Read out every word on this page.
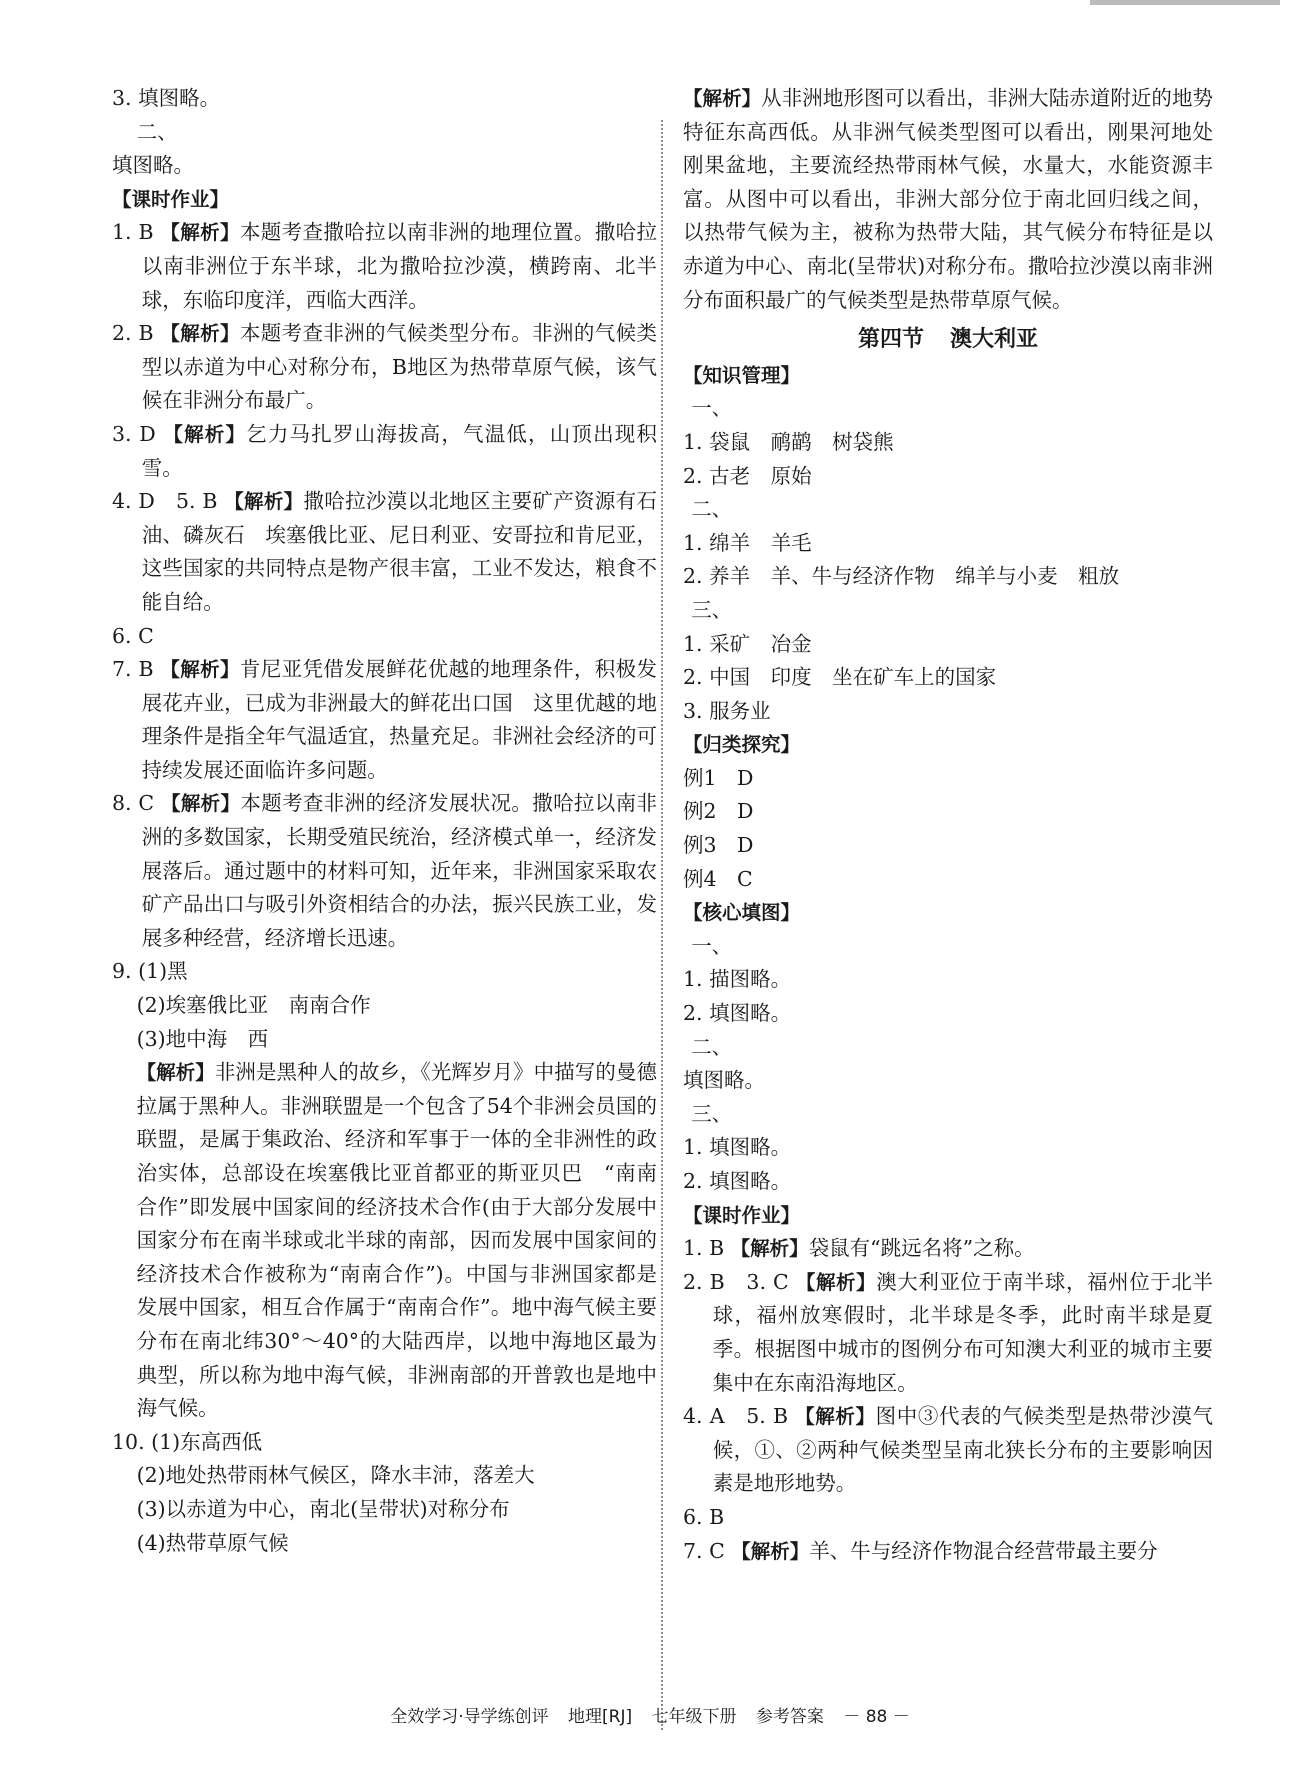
3. 填图略。

二、

填图略。

【课时作业】

1. B 【解析】本题考查撒哈拉以南非洲的地理位置。撒哈拉以南非洲位于东半球，北为撒哈拉沙漠，横跨南、北半球，东临印度洋，西临大西洋。

2. B 【解析】本题考查非洲的气候类型分布。非洲的气候类型以赤道为中心对称分布，B地区为热带草原气候，该气候在非洲分布最广。

3. D 【解析】乞力马扎罗山海拔高，气温低，山顶出现积雪。

4. D　5. B 【解析】撒哈拉沙漠以北地区主要矿产资源有石油、磷灰石　埃塞俄比亚、尼日利亚、安哥拉和肯尼亚，这些国家的共同特点是物产很丰富，工业不发达，粮食不能自给。

6. C

7. B 【解析】肯尼亚凭借发展鲜花优越的地理条件，积极发展花卉业，已成为非洲最大的鲜花出口国　这里优越的地理条件是指全年气温适宜，热量充足。非洲社会经济的可持续发展还面临许多问题。

8. C 【解析】本题考查非洲的经济发展状况。撒哈拉以南非洲的多数国家，长期受殖民统治，经济模式单一，经济发展落后。通过题中的材料可知，近年来，非洲国家采取农矿产品出口与吸引外资相结合的办法，振兴民族工业，发展多种经营，经济增长迅速。

9. (1)黑

(2)埃塞俄比亚　南南合作

(3)地中海　西

【解析】非洲是黑种人的故乡，《光辉岁月》中描写的曼德拉属于黑种人。非洲联盟是一个包含了54个非洲会员国的联盟，是属于集政治、经济和军事于一体的全非洲性的政治实体，总部设在埃塞俄比亚首都亚的斯亚贝巴　“南南合作”即发展中国家间的经济技术合作(由于大部分发展中国家分布在南半球或北半球的南部，因而发展中国家间的经济技术合作被称为“南南合作”)。中国与非洲国家都是发展中国家，相互合作属于“南南合作”。地中海气候主要分布在南北纬30°～40°的大陆西岸，以地中海地区最为典型，所以称为地中海气候，非洲南部的开普敦也是地中海气候。

10. (1)东高西低

(2)地处热带雨林气候区，降水丰沛，落差大

(3)以赤道为中心，南北(呈带状)对称分布

(4)热带草原气候

【解析】从非洲地形图可以看出，非洲大陆赤道附近的地势特征东高西低。从非洲气候类型图可以看出，刚果河地处刚果盆地，主要流经热带雨林气候，水量大，水能资源丰富。从图中可以看出，非洲大部分位于南北回归线之间，以热带气候为主，被称为热带大陆，其气候分布特征是以赤道为中心、南北(呈带状)对称分布。撒哈拉沙漠以南非洲分布面积最广的气候类型是热带草原气候。

第四节 澳大利亚

【知识管理】

一、

1. 袋鼠　鸸鹋　树袋熊

2. 古老　原始

二、

1. 绵羊　羊毛

2. 养羊　羊、牛与经济作物　绵羊与小麦　粗放

三、

1. 采矿　冶金

2. 中国　印度　坐在矿车上的国家

3. 服务业

【归类探究】

例1　D

例2　D

例3　D

例4　C

【核心填图】

一、

1. 描图略。

2. 填图略。

二、

填图略。

三、

1. 填图略。

2. 填图略。

【课时作业】

1. B 【解析】袋鼠有“跳远名将”之称。

2. B　3. C 【解析】澳大利亚位于南半球，福州位于北半球，福州放寒假时，北半球是冬季，此时南半球是夏季。根据图中城市的图例分布可知澳大利亚的城市主要集中在东南沿海地区。

4. A　5. B 【解析】图中③代表的气候类型是热带沙漠气候，①、②两种气候类型呈南北狭长分布的主要影响因素是地形地势。

6. B

7. C 【解析】羊、牛与经济作物混合经营带最主要分

全效学习·导学练创评 地理[RJ] 七年级下册 参考答案 － 88 －
